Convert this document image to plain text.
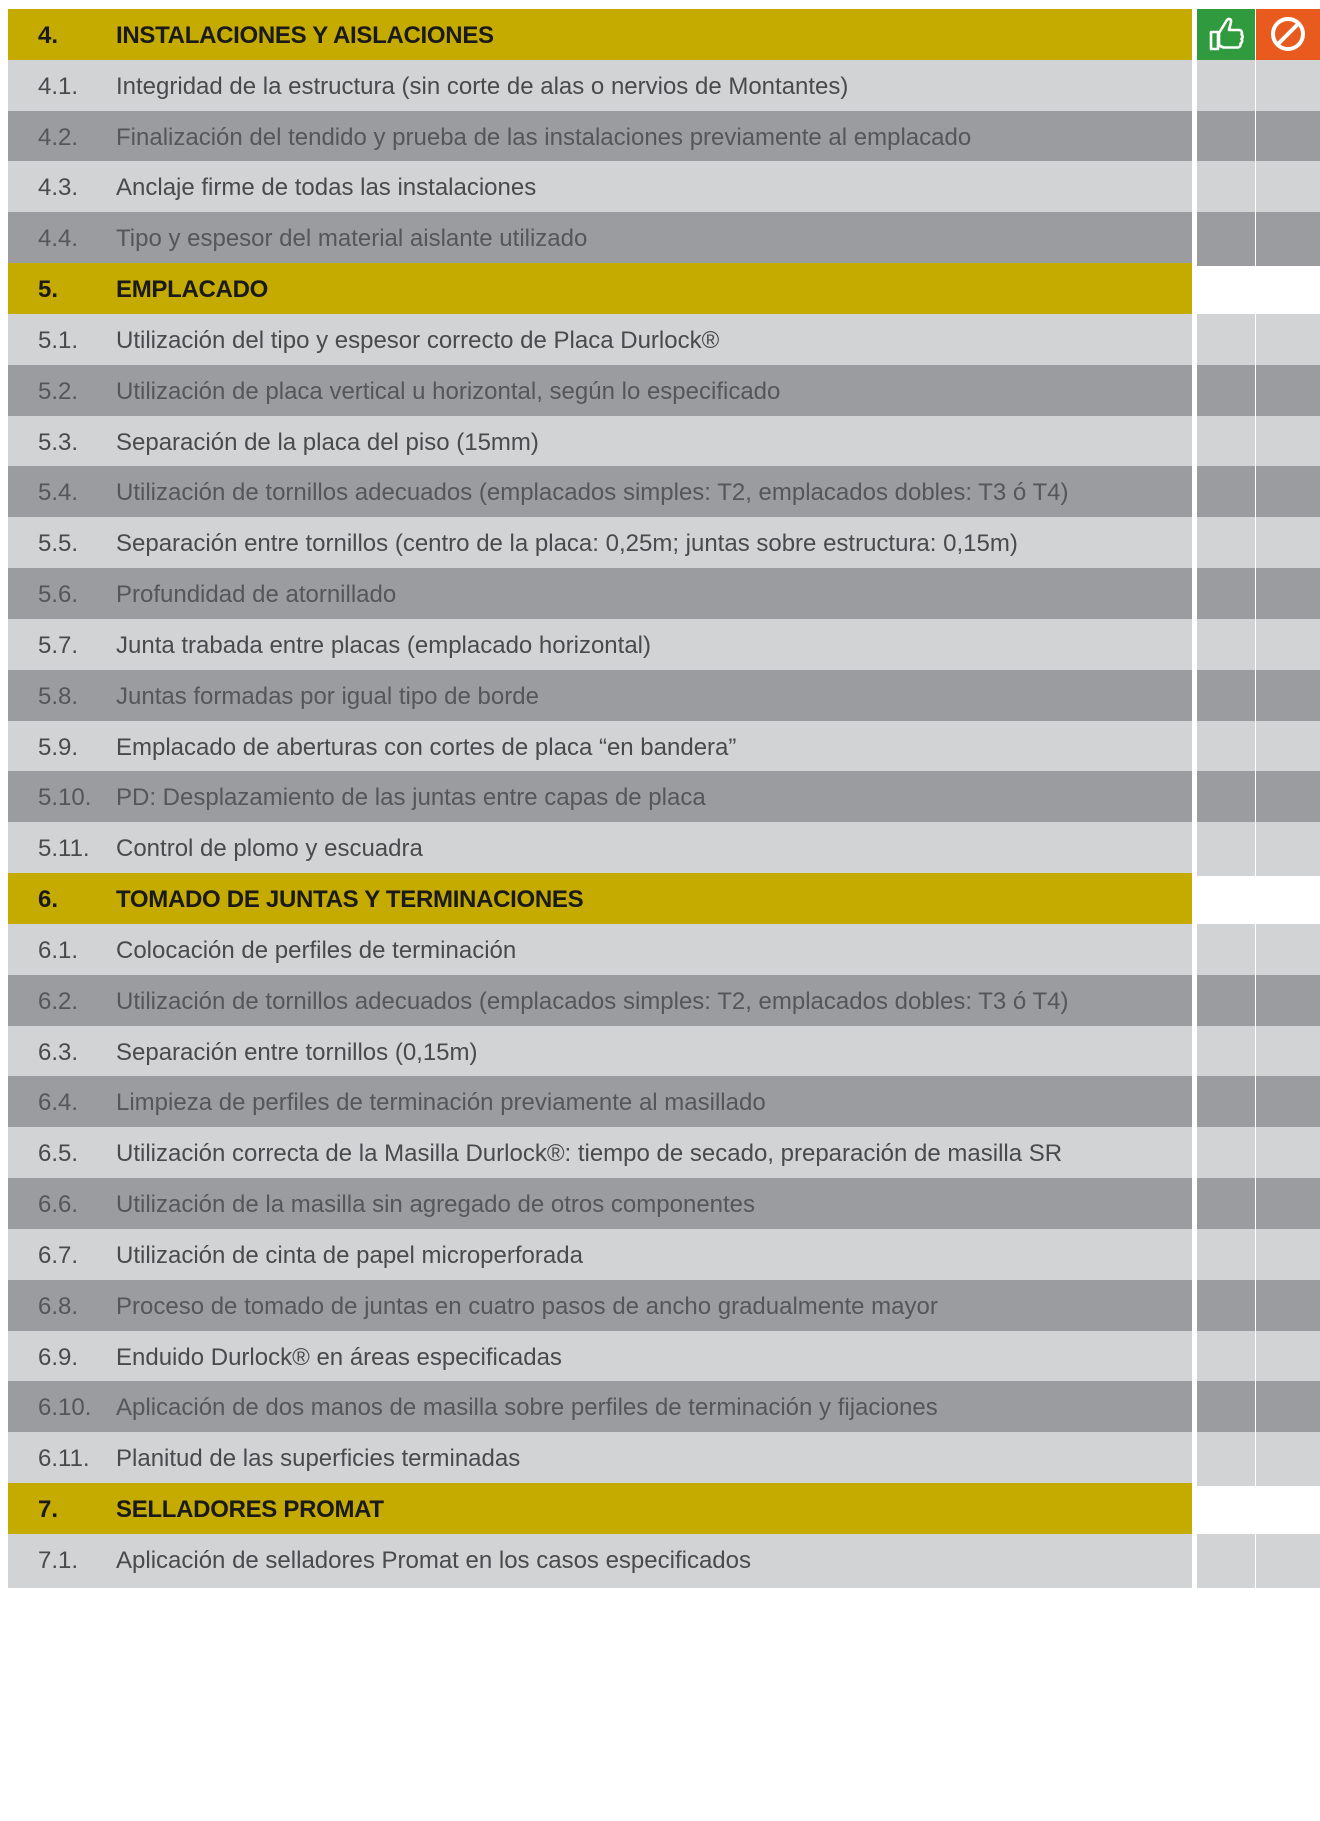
4.	INSTALACIONES Y AISLACIONES
4.1.	Integridad de la estructura (sin corte de alas o nervios de Montantes)
4.2.	Finalización del tendido y prueba de las instalaciones previamente al emplacado
4.3.	Anclaje firme de todas las instalaciones
4.4.	Tipo y espesor del material aislante utilizado
5.	EMPLACADO
5.1.	Utilización del tipo y espesor correcto de Placa Durlock®
5.2.	Utilización de placa vertical u horizontal, según lo especificado
5.3.	Separación de la placa del piso (15mm)
5.4.	Utilización de tornillos adecuados (emplacados simples: T2, emplacados dobles: T3 ó T4)
5.5.	Separación entre tornillos (centro de la placa: 0,25m; juntas sobre estructura: 0,15m)
5.6.	Profundidad de atornillado
5.7.	Junta trabada entre placas (emplacado horizontal)
5.8.	Juntas formadas por igual tipo de borde
5.9.	Emplacado de aberturas con cortes de placa “en bandera”
5.10.	PD: Desplazamiento de las juntas entre capas de placa
5.11.	Control de plomo y escuadra
6.	TOMADO DE JUNTAS Y TERMINACIONES
6.1.	Colocación de perfiles de terminación
6.2.	Utilización de tornillos adecuados (emplacados simples: T2, emplacados dobles: T3 ó T4)
6.3.	Separación entre tornillos (0,15m)
6.4.	Limpieza de perfiles de terminación previamente al masillado
6.5.	Utilización correcta de la Masilla Durlock®: tiempo de secado, preparación de masilla SR
6.6.	Utilización de la masilla sin agregado de otros componentes
6.7.	Utilización de cinta de papel microperforada
6.8.	Proceso de tomado de juntas en cuatro pasos de ancho gradualmente mayor
6.9.	Enduido Durlock® en áreas especificadas
6.10.	Aplicación de dos manos de masilla sobre perfiles de terminación y fijaciones
6.11.	Planitud de las superficies terminadas
7.	SELLADORES PROMAT
7.1.	Aplicación de selladores Promat en los casos especificados
